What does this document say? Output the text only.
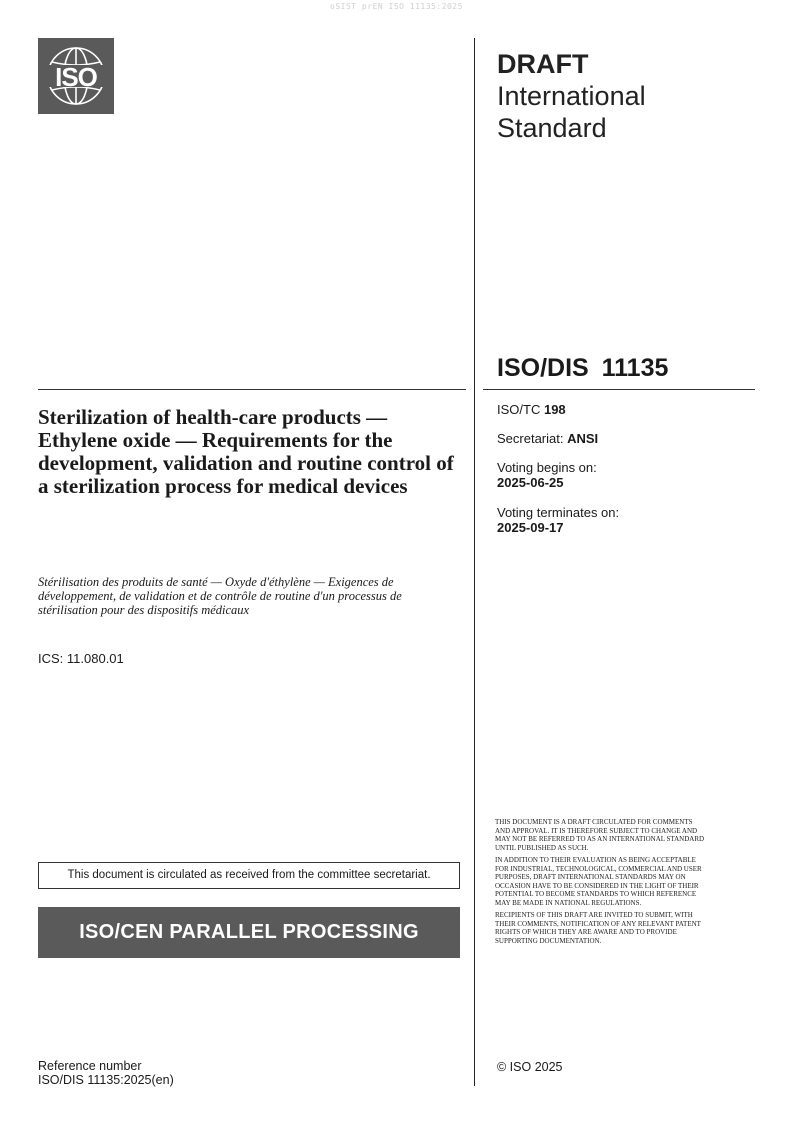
oSIST prEN ISO 11135:2025
ISO	DRAFT
International
Standard
ISO/DIS 11135
ISO/TC 198
Secretariat: ANSI
Voting begins on:
2025-06-25
Voting terminates on:
2025-09-17
Sterilization of health-care products — Ethylene oxide — Requirements for the development, validation and routine control of a sterilization process for medical devices
Stérilisation des produits de santé — Oxyde d'éthylène — Exigences de développement, de validation et de contrôle de routine d'un processus de stérilisation pour des dispositifs médicaux
ICS: 11.080.01
This document is circulated as received from the committee secretariat.
ISO/CEN PARALLEL PROCESSING

THIS DOCUMENT IS A DRAFT CIRCULATED FOR COMMENTS AND APPROVAL. IT IS THEREFORE SUBJECT TO CHANGE AND MAY NOT BE REFERRED TO AS AN INTERNATIONAL STANDARD UNTIL PUBLISHED AS SUCH.

IN ADDITION TO THEIR EVALUATION AS BEING ACCEPTABLE FOR INDUSTRIAL, TECHNOLOGICAL, COMMERCIAL AND USER PURPOSES, DRAFT INTERNATIONAL STANDARDS MAY ON OCCASION HAVE TO BE CONSIDERED IN THE LIGHT OF THEIR POTENTIAL TO BECOME STANDARDS TO WHICH REFERENCE MAY BE MADE IN NATIONAL REGULATIONS.

RECIPIENTS OF THIS DRAFT ARE INVITED TO SUBMIT, WITH THEIR COMMENTS, NOTIFICATION OF ANY RELEVANT PATENT RIGHTS OF WHICH THEY ARE AWARE AND TO PROVIDE SUPPORTING DOCUMENTATION.

© ISO 2025
Reference number
ISO/DIS 11135:2025(en)
